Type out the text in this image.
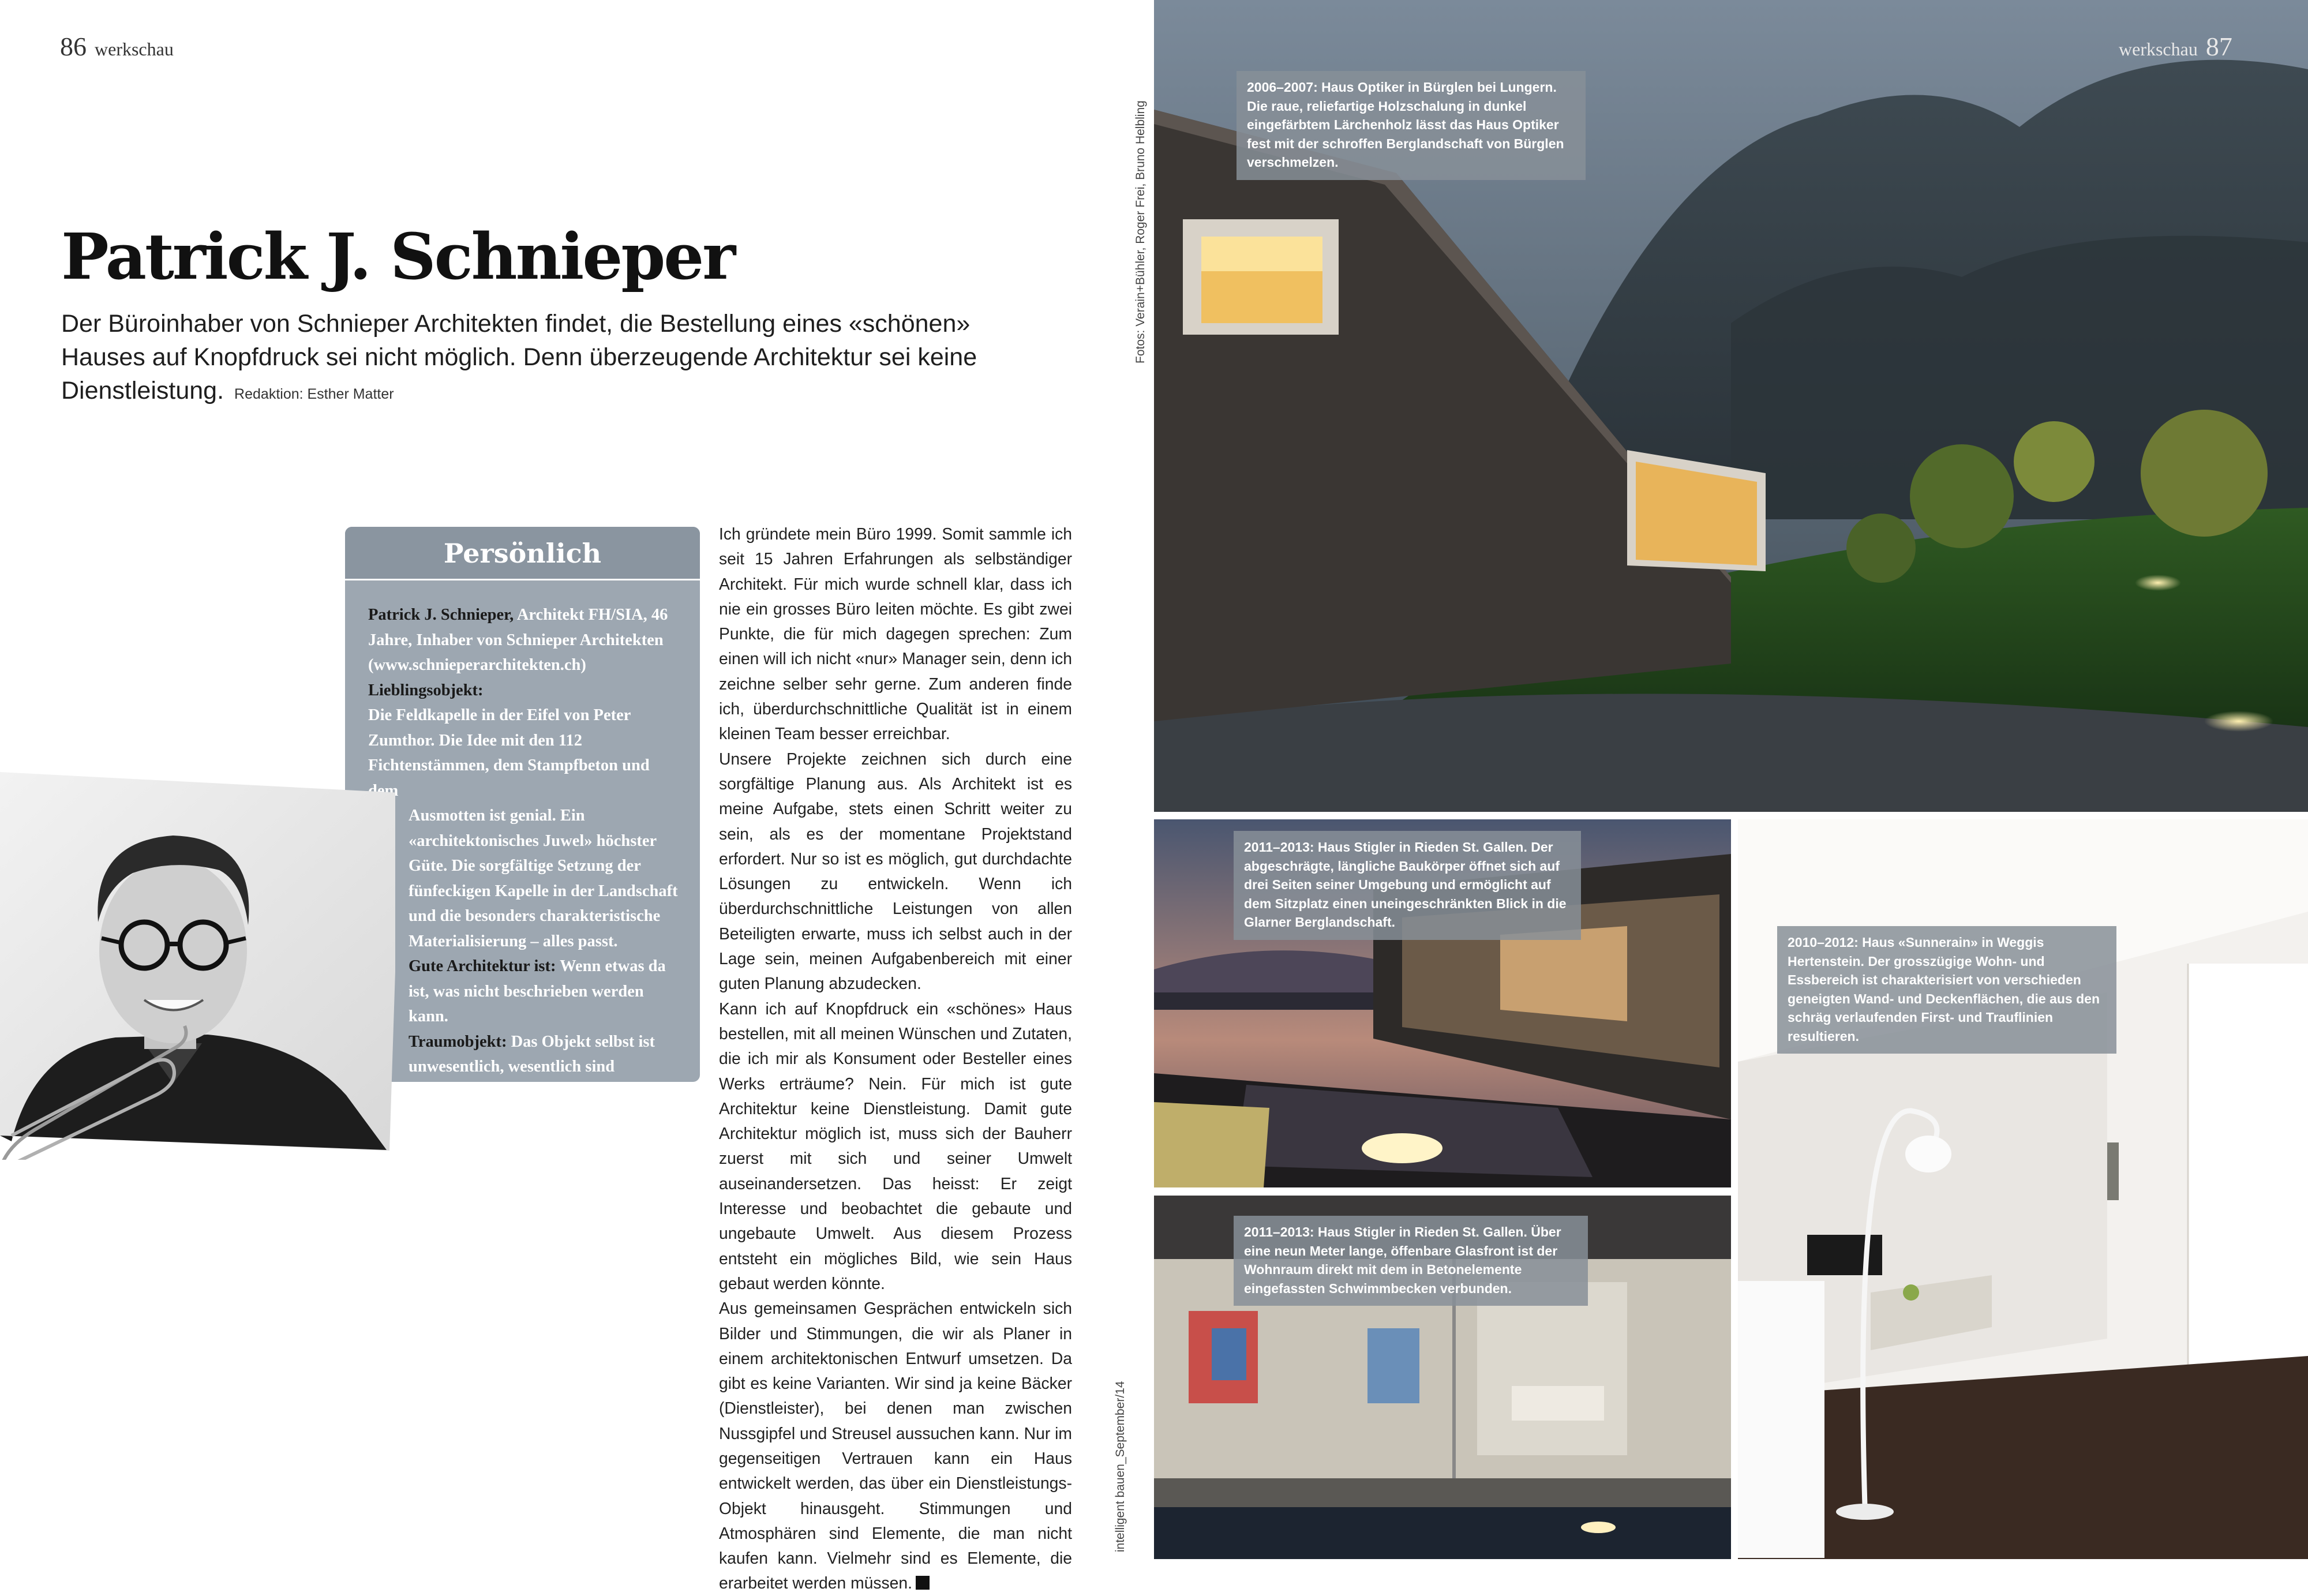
86 werkschau
Patrick J. Schnieper

Der Büroinhaber von Schnieper Architekten findet, die Bestellung eines «schönen» Hauses auf Knopfdruck sei nicht möglich. Denn überzeugende Architektur sei keine Dienstleistung. Redaktion: Esther Matter

Persönlich

Patrick J. Schnieper, Architekt FH/SIA, 46 Jahre, Inhaber von Schnieper Architekten (www.schnieperarchitekten.ch)

Lieblingsobjekt:

Die Feldkapelle in der Eifel von Peter Zumthor. Die Idee mit den 112 Fichtenstämmen, dem Stampfbeton und dem

Ausmotten ist genial. Ein «architektonisches Juwel» höchster Güte. Die sorgfältige Setzung der fünfeckigen Kapelle in der Landschaft und die besonders charakteristische Materialisierung – alles passt.

Gute Architektur ist: Wenn etwas da ist, was nicht beschrieben werden kann.

Traumobjekt: Das Objekt selbst ist unwesentlich, wesentlich sind interessante und neugierige Bauherren.

Ich gründete mein Büro 1999. Somit sammle ich seit 15 Jahren Erfahrungen als selbständiger Architekt. Für mich wurde schnell klar, dass ich nie ein grosses Büro leiten möchte. Es gibt zwei Punkte, die für mich dagegen sprechen: Zum einen will ich nicht «nur» Manager sein, denn ich zeichne selber sehr gerne. Zum anderen finde ich, überdurchschnittliche Qualität ist in einem kleinen Team besser erreichbar.
Unsere Projekte zeichnen sich durch eine sorgfältige Planung aus. Als Architekt ist es meine Aufgabe, stets einen Schritt weiter zu sein, als es der momentane Projektstand erfordert. Nur so ist es möglich, gut durchdachte Lösungen zu entwickeln. Wenn ich überdurchschnittliche Leistungen von allen Beteiligten erwarte, muss ich selbst auch in der Lage sein, meinen Aufgabenbereich mit einer guten Planung abzudecken.
Kann ich auf Knopfdruck ein «schönes» Haus bestellen, mit all meinen Wünschen und Zutaten, die ich mir als Konsument oder Besteller eines Werks erträume? Nein. Für mich ist gute Architektur keine Dienstleistung. Damit gute Architektur möglich ist, muss sich der Bauherr zuerst mit sich und seiner Umwelt auseinandersetzen. Das heisst: Er zeigt Interesse und beobachtet die gebaute und ungebaute Umwelt. Aus diesem Prozess entsteht ein mögliches Bild, wie sein Haus gebaut werden könnte.
Aus gemeinsamen Gesprächen entwickeln sich Bilder und Stimmungen, die wir als Planer in einem architektonischen Entwurf umsetzen. Da gibt es keine Varianten. Wir sind ja keine Bäcker (Dienstleister), bei denen man zwischen Nussgipfel und Streusel aussuchen kann. Nur im gegenseitigen Vertrauen kann ein Haus entwickelt werden, das über ein Dienstleistungs-Objekt hinausgeht. Stimmungen und Atmosphären sind Elemente, die man nicht kaufen kann. Vielmehr sind es Elemente, die erarbeitet werden müssen.
Fotos: Verain+Bühler, Roger Frei, Bruno Helbling
intelligent bauen_September/14
2006–2007: Haus Optiker in Bürglen bei Lungern. Die raue, reliefartige Holzschalung in dunkel eingefärbtem Lärchenholz lässt das Haus Optiker fest mit der schroffen Berglandschaft von Bürglen verschmelzen.
2011–2013: Haus Stigler in Rieden St. Gallen. Der abgeschrägte, längliche Baukörper öffnet sich auf drei Seiten seiner Umgebung und ermöglicht auf dem Sitzplatz einen uneingeschränkten Blick in die Glarner Berglandschaft.
2011–2013: Haus Stigler in Rieden St. Gallen. Über eine neun Meter lange, öffenbare Glasfront ist der Wohnraum direkt mit dem in Betonelemente eingefassten Schwimmbecken verbunden.
2010–2012: Haus «Sunnerain» in Weggis Hertenstein. Der grosszügige Wohn- und Essbereich ist charakterisiert von verschieden geneigten Wand- und Deckenflächen, die aus den schräg verlaufenden First- und Trauflinien resultieren.
werkschau 87
